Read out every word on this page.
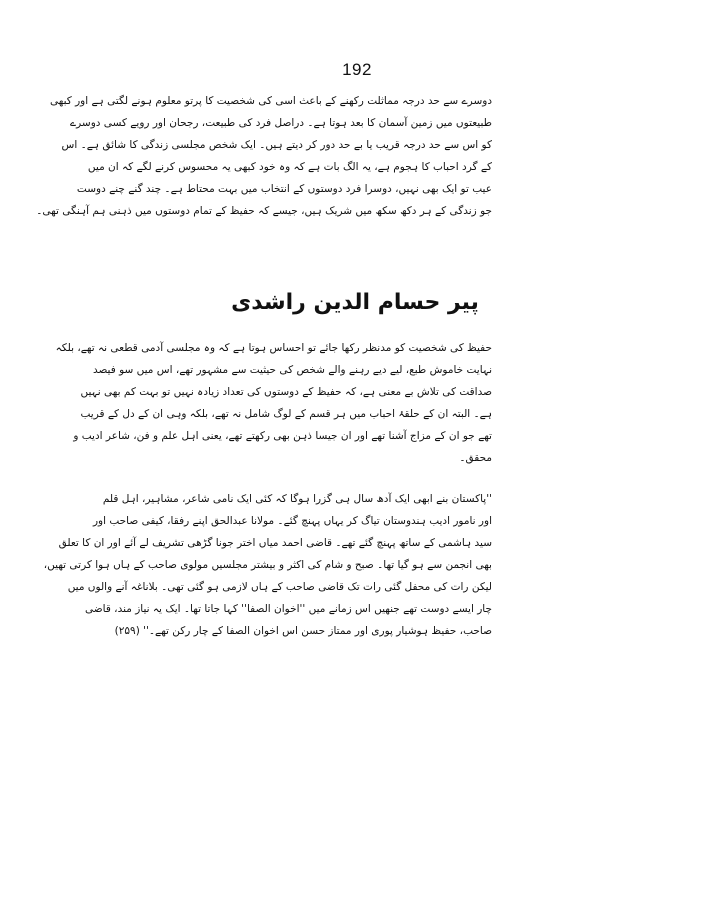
192
دوسرے سے حد درجہ مماثلت رکھنے کے باعث اسی کی شخصیت کا پرتو معلوم ہونے لگتی ہے اور کبھی
طبیعتوں میں زمین آسمان کا بعد ہوتا ہے۔ دراصل فرد کی طبیعت، رجحان اور رویے کسی دوسرے
کو اس سے حد درجہ قریب یا بے حد دور کر دیتے ہیں۔ ایک شخص مجلسی زندگی کا شائق ہے۔ اس
کے گرد احباب کا ہجوم ہے، یہ الگ بات ہے کہ وہ خود کبھی یہ محسوس کرنے لگے کہ ان میں
عیب تو ایک بھی نہیں، دوسرا فرد دوستوں کے انتخاب میں بہت محتاط ہے۔ چند گنے چنے دوست
جو زندگی کے ہر دکھ سکھ میں شریک ہیں، جیسے کہ حفیظ کے تمام دوستوں میں ذہنی ہم آہنگی تھی۔
پیر حسام الدین راشدی
حفیظ کی شخصیت کو مدنظر رکھا جائے تو احساس ہوتا ہے کہ وہ مجلسی آدمی قطعی نہ تھے، بلکہ
نہایت خاموش طبع، لیے دیے رہنے والے شخص کی حیثیت سے مشہور تھے، اس میں سو فیصد
صداقت کی تلاش بے معنی ہے، کہ حفیظ کے دوستوں کی تعداد زیادہ نہیں تو بہت کم بھی نہیں
ہے۔ البتہ ان کے حلقۂ احباب میں ہر قسم کے لوگ شامل نہ تھے، بلکہ وہی ان کے دل کے قریب
تھے جو ان کے مزاج آشنا تھے اور ان جیسا ذہن بھی رکھتے تھے، یعنی اہل علم و فن، شاعر ادیب و
محقق۔
''پاکستان بنے ابھی ایک آدھ سال ہی گزرا ہوگا کہ کئی ایک نامی شاعر، مشاہیر، اہل قلم
اور نامور ادیب ہندوستان تیاگ کر یہاں پہنچ گئے۔ مولانا عبدالحق اپنے رفقا، کیفی صاحب اور
سید ہاشمی کے ساتھ پہنچ گئے تھے۔ قاضی احمد میاں اختر جونا گڑھی تشریف لے آئے اور ان کا تعلق
بھی انجمن سے ہو گیا تھا۔ صبح و شام کی اکثر و بیشتر مجلسیں مولوی صاحب کے ہاں ہوا کرتی تھیں،
لیکن رات کی محفل گئی رات تک قاضی صاحب کے ہاں لازمی ہو گئی تھی۔ بلاناغہ آنے والوں میں
چار ایسے دوست تھے جنھیں اس زمانے میں ''اخوان الصفا'' کہا جاتا تھا۔ ایک یہ نیاز مند، قاضی
صاحب، حفیظ ہوشیار پوری اور ممتاز حسن اس اخوان الصفا کے چار رکن تھے۔'' (۲۵۹)
